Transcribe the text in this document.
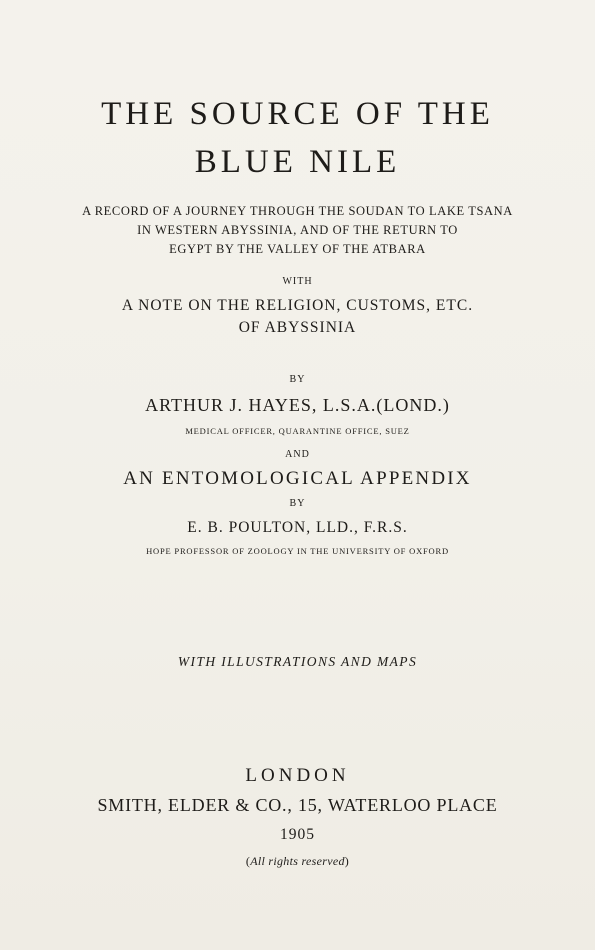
THE SOURCE OF THE
BLUE NILE
A RECORD OF A JOURNEY THROUGH THE SOUDAN TO LAKE TSANA
IN WESTERN ABYSSINIA, AND OF THE RETURN TO
EGYPT BY THE VALLEY OF THE ATBARA
WITH
A NOTE ON THE RELIGION, CUSTOMS, ETC.
OF ABYSSINIA
BY
ARTHUR J. HAYES, L.S.A.(LOND.)
MEDICAL OFFICER, QUARANTINE OFFICE, SUEZ
AND
AN ENTOMOLOGICAL APPENDIX
BY
E. B. POULTON, LLD., F.R.S.
HOPE PROFESSOR OF ZOOLOGY IN THE UNIVERSITY OF OXFORD
WITH ILLUSTRATIONS AND MAPS
LONDON
SMITH, ELDER & CO., 15, WATERLOO PLACE
1905
(All rights reserved)
